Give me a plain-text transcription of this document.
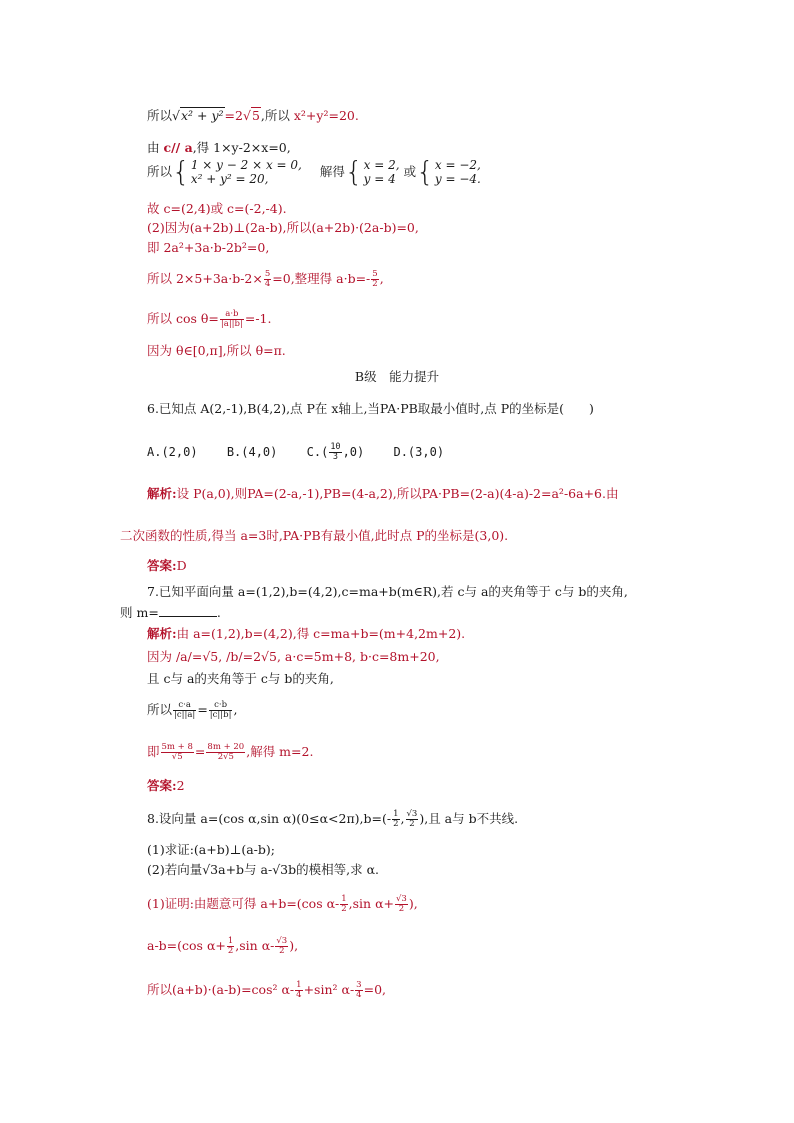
所以√x² + y²=2√5,所以 x²+y²=20.
由 c// a,得 1×y-2×x=0,
所以{ 1 × y − 2 × x = 0,
x² + y² = 20,	解得{ x = 2,
y = 4 或{ x = −2,
y = −4.
故 c=(2,4)或 c=(-2,-4).
(2)因为(a+2b)⊥(2a-b),所以(a+2b)·(2a-b)=0,
即 2a²+3a·b-2b²=0,
所以 $2\times 5+3a\cdot b-2\times \frac{5}{4} =0$,整理得 $a\cdot b=- \frac{5}{2}$ ,
所以 $\cos \theta= \frac{a\cdot b}{|a||b|} =-1$.
因为 θ∈[0,π],所以 θ=π.
B级　能力提升
6.已知点 A(2,-1),B(4,2),点 P在 x轴上,当PA·PB取最小值时,点 P的坐标是(　　)
A.(2,0) B.(4,0) $C.( \frac{10}{3} ,0)$ D.(3,0)
解析:设 P(a,0),则PA=(2-a,-1),PB=(4-a,2),所以PA·PB=(2-a)(4-a)-2=a²-6a+6.由
二次函数的性质,得当 a=3时,PA·PB有最小值,此时点 P的坐标是(3,0).
答案:D
7.已知平面向量 a=(1,2),b=(4,2),c=ma+b(m∈R),若 c与 a的夹角等于 c与 b的夹角,
则 m=	.
解析:由 a=(1,2),b=(4,2),得 c=ma+b=(m+4,2m+2).
因为 /a/=√5, /b/=2√5, a·c=5m+8, b·c=8m+20,
且 c与 a的夹角等于 c与 b的夹角,
所以 $\frac{c\cdot a}{|c||a|} = \frac{c\cdot b}{|c||b|}$ ,
即 $\frac{5m + 8}{√5} = \frac{8m + 20}{2√5}$ ,解得 m=2.
答案:2
8.设向量 a=(cos α,sin $\alpha)(0\le\alpha<2\pi),b=(- \frac{1}{2}$ , $\frac{√3}{2}$ ),且 a与 b不共线.
(1)求证:(a+b)⊥(a-b);
(2)若向量√3a+b与 a-√3b的模相等,求 α.
(1)证明:由题意可得 a+b=(cos $\alpha- \frac{1}{2} ,\sin$ $\alpha+ \frac{√3}{2}$ ),
a-b=(cos $\alpha+ \frac{1}{2} ,\sin$ $\alpha- \frac{√3}{2}$ ),
所以(a+b)·(a-b)=cos² $\alpha- \frac{1}{4} +\sin^2$ $\alpha- \frac{3}{4} =0$,
